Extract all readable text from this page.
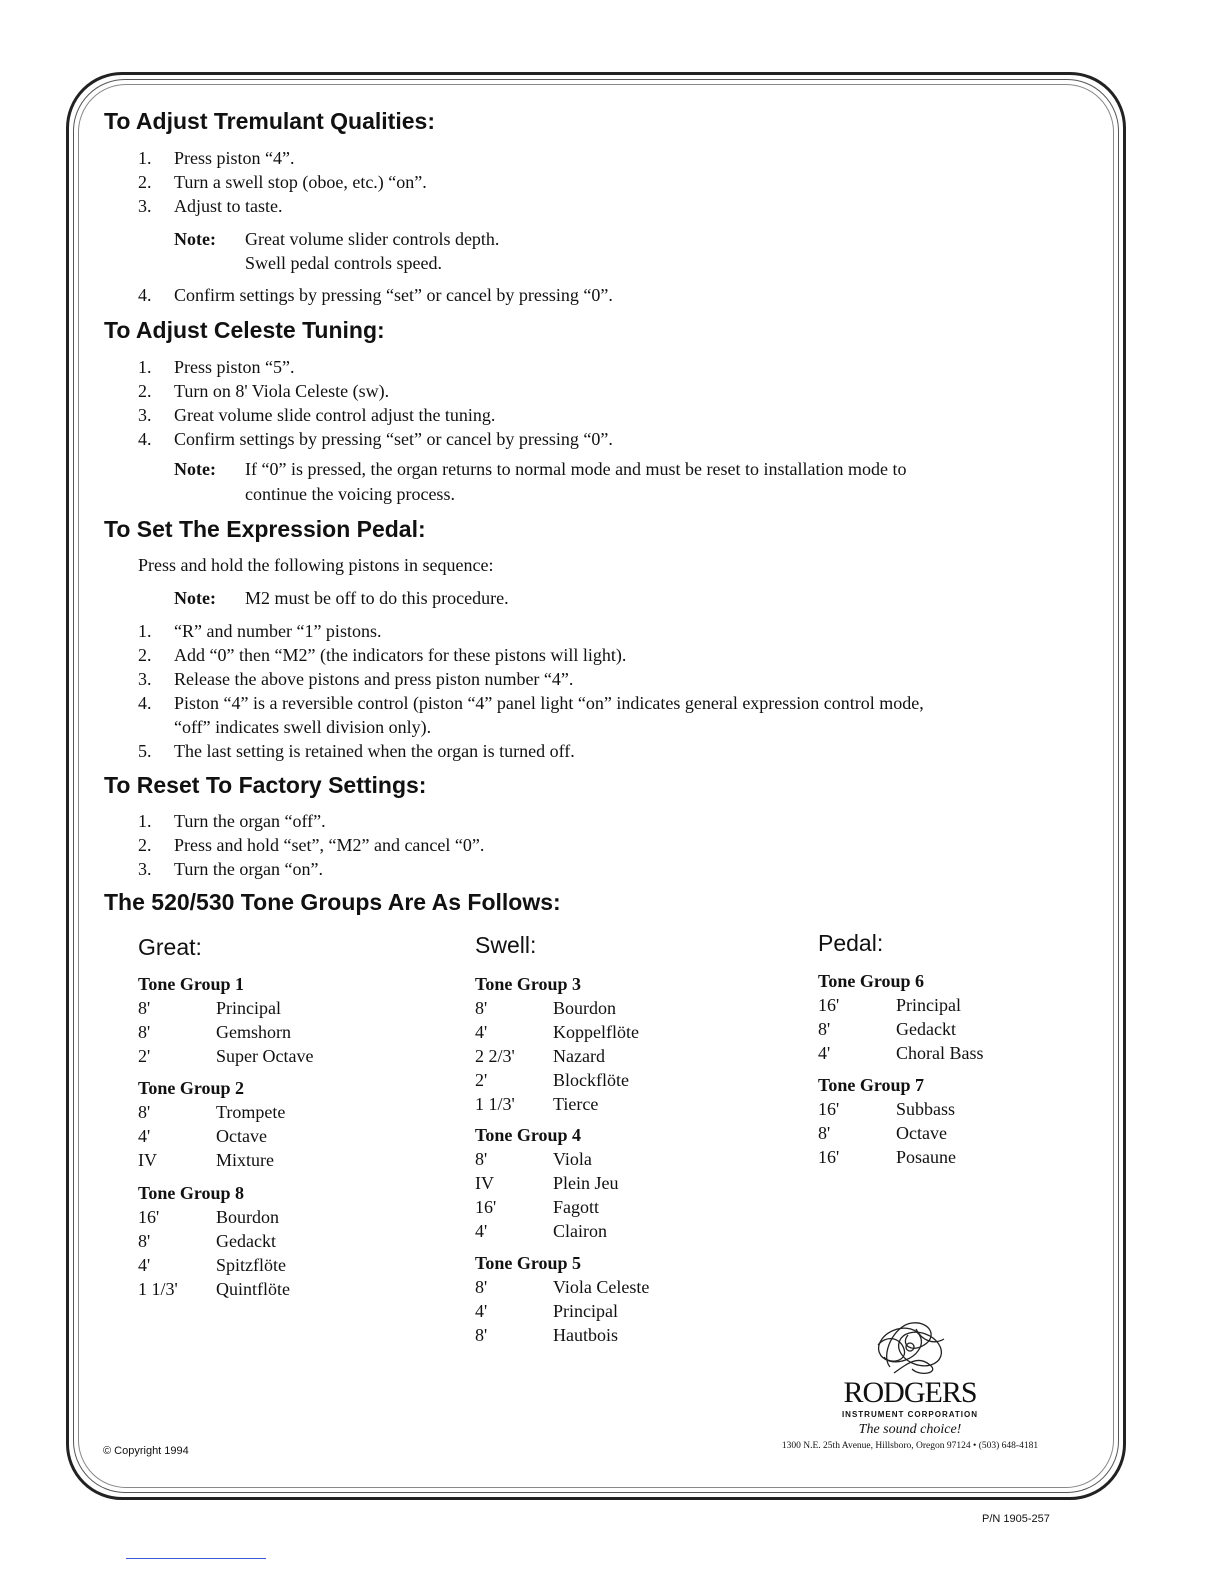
To Adjust Tremulant Qualities:
1. Press piston “4”.
2. Turn a swell stop (oboe, etc.) “on”.
3. Adjust to taste.
Note: Great volume slider controls depth.
Swell pedal controls speed.
4. Confirm settings by pressing “set” or cancel by pressing “0”.
To Adjust Celeste Tuning:
1. Press piston “5”.
2. Turn on 8' Viola Celeste (sw).
3. Great volume slide control adjust the tuning.
4. Confirm settings by pressing “set” or cancel by pressing “0”.
Note: If “0” is pressed, the organ returns to normal mode and must be reset to installation mode to
continue the voicing process.
To Set The Expression Pedal:
Press and hold the following pistons in sequence:
Note: M2 must be off to do this procedure.
1. “R” and number “1” pistons.
2. Add “0” then “M2” (the indicators for these pistons will light).
3. Release the above pistons and press piston number “4”.
4. Piston “4” is a reversible control (piston “4” panel light “on” indicates general expression control mode,
“off” indicates swell division only).
5. The last setting is retained when the organ is turned off.
To Reset To Factory Settings:
1. Turn the organ “off”.
2. Press and hold “set”, “M2” and cancel “0”.
3. Turn the organ “on”.
The 520/530 Tone Groups Are As Follows:
Great:
Tone Group 1
8'	Principal
8'	Gemshorn
2'	Super Octave
Tone Group 2
8'	Trompete
4'	Octave
IV	Mixture
Tone Group 8
16'	Bourdon
8'	Gedackt
4'	Spitzflöte
1 1/3' Quintflöte
Swell:
Tone Group 3
8'	Bourdon
4'	Koppelflöte
2 2/3' Nazard
2'	Blockflöte
1 1/3' Tierce
Tone Group 4
8'	Viola
IV	Plein Jeu
16'	Fagott
4'	Clairon
Tone Group 5
8'	Viola Celeste
4'	Principal
8'	Hautbois
Pedal:
Tone Group 6
16'	Principal
8'	Gedackt
4'	Choral Bass
Tone Group 7
16'	Subbass
8'	Octave
16'	Posaune
RODGERS
INSTRUMENT CORPORATION
The sound choice!
1300 N.E. 25th Avenue, Hillsboro, Oregon 97124 • (503) 648-4181
© Copyright 1994
P/N 1905-257
